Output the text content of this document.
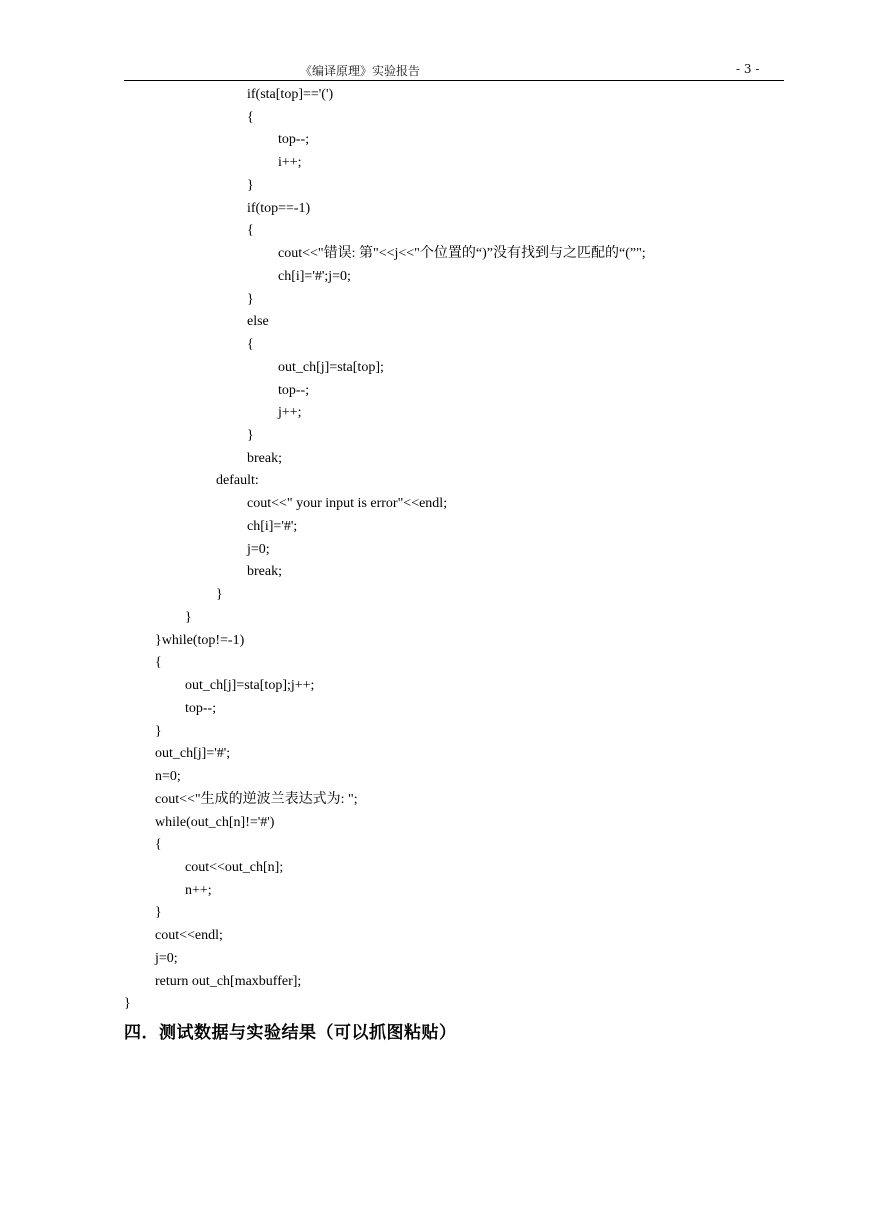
《编译原理》实验报告	- 3 -
if(sta[top]=='(')
{
top--;
i++;
}
if(top==-1)
{
cout<<"错误: 第"<<j<<"个位置的“)”没有找到与之匹配的“(”";
ch[i]='#';j=0;
}
else
{
out_ch[j]=sta[top];
top--;
j++;
}
break;
default:
cout<<" your input is error"<<endl;
ch[i]='#';
j=0;
break;
}
}
}while(top!=-1)
{
out_ch[j]=sta[top];j++;
top--;
}
out_ch[j]='#';
n=0;
cout<<"生成的逆波兰表达式为: ";
while(out_ch[n]!='#')
{
cout<<out_ch[n];
n++;
}
cout<<endl;
j=0;
return out_ch[maxbuffer];
}
四．测试数据与实验结果（可以抓图粘贴）
